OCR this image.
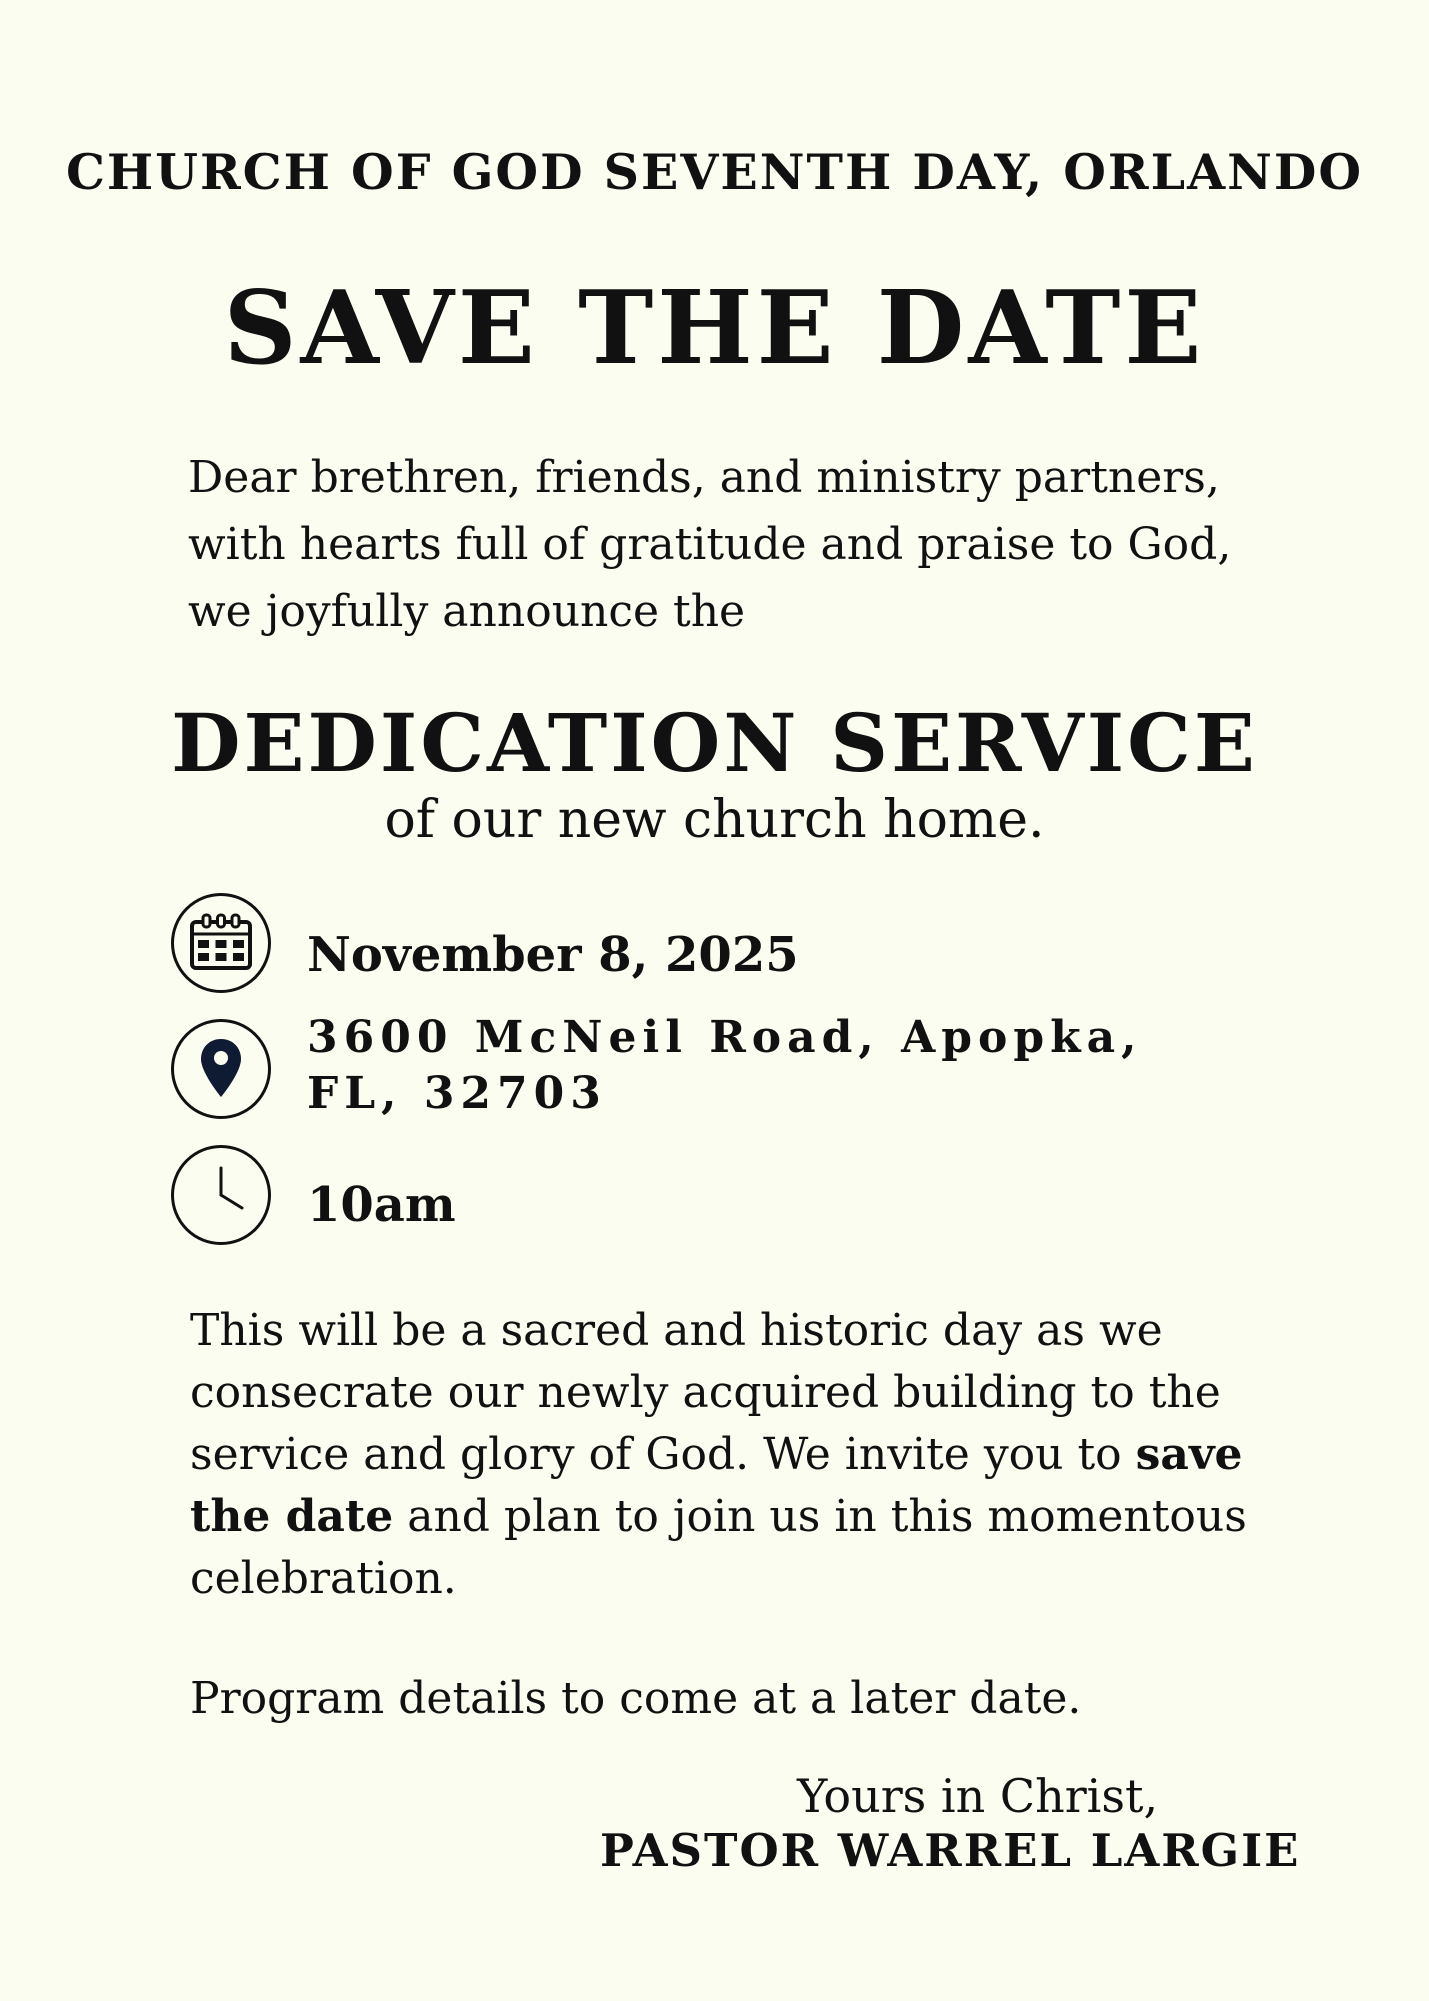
CHURCH OF GOD SEVENTH DAY, ORLANDO
SAVE THE DATE
Dear brethren, friends, and ministry partners,
with hearts full of gratitude and praise to God,
we joyfully announce the
DEDICATION SERVICE
of our new church home.
November 8, 2025
3600 McNeil Road, Apopka,
FL, 32703
10am
This will be a sacred and historic day as we
consecrate our newly acquired building to the
service and glory of God. We invite you to save
the date and plan to join us in this momentous
celebration.
Program details to come at a later date.
Yours in Christ,
PASTOR WARREL LARGIE
